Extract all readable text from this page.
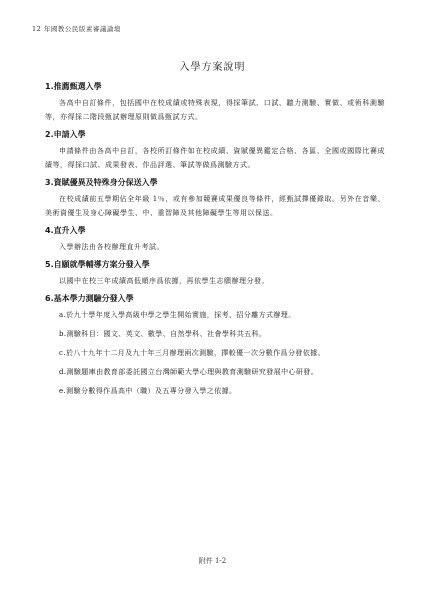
12 年國教公民版素審議論壇
入學方案說明
1.推薦甄選入學

各高中自訂條件，包括國中在校成績或特殊表現，得採筆試、口試、聽力測驗、實做、或術科測驗等，亦得採二階段甄試辦理原則做爲甄試方式。

2.申請入學

申請條件由各高中自訂，各校所訂條件如在校成績、資賦優異鑑定合格、各區、全國或國際比賽成績等，得採口試、成果發表、作品評選、筆試等做爲測驗方式。

3.資賦優異及特殊身分保送入學

在校成績前五學期佔全年級 1％，或有參加競賽成果優良等條件，經甄試擇優錄取。另外在音樂、美術資優生及身心障礙學生、中、重智障及其他障礙學生等用以保送。

4.直升入學

入學辦法由各校辦理直升考試。

5.自願就學輔導方案分發入學

以國中在校三年成績高低順序爲依據，再依學生志願辦理分發。

6.基本學力測驗分發入學
a.於九十學年度入學高級中學之學生開始實施，採考、招分離方式辦理。
b.測驗科目：國文、英文、數學、自然學科、社會學科共五科。
c.於八十九年十二月及九十年三月辦理兩次測驗，擇較優一次分數作爲分發依據。
d.測驗題庫由教育部委託國立台灣師範大學心理與教育測驗研究發展中心研發。
e.測驗分數得作爲高中（職）及五專分發入學之依據。
附件 1-2
